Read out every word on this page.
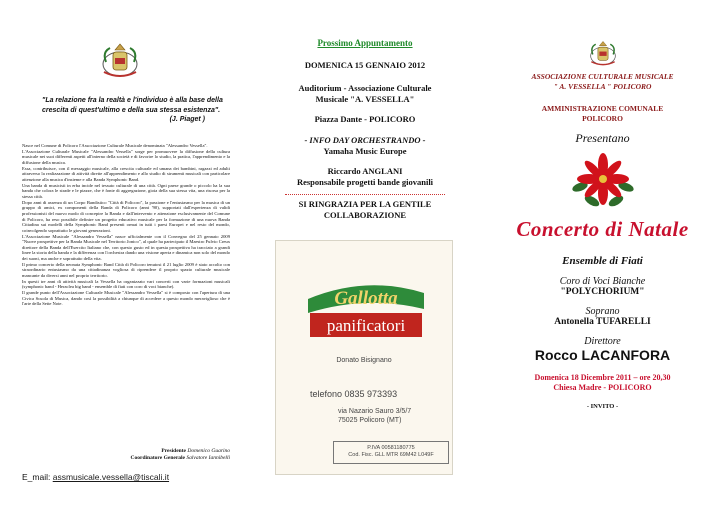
"La relazione fra la realtà e l'individuo è alla base della crescita di quest'ultimo e della sua stessa esistenza".
(J. Piaget )

Nasce nel Comune di Policoro l'Associazione Culturale Musicale denominata "Alessandro Vessella".

L'Associazione Culturale Musicale "Alessandro Vessella" sorge per promuovere la diffusione della cultura musicale nei suoi differenti aspetti all'interno della società e di favorire lo studio, la pratica, l'apprendimento e la diffusione della musica.

Essa, contribuisce, con il messaggio musicale, alla crescita culturale ed umana dei bambini, ragazzi ed adulti attraverso la realizzazione di attività dirette all'apprendimento e allo studio di strumenti musicali con particolare attenzione alla musica d'insieme e alla Banda Symphonic Band.

Una banda di musicisti in erba incide nel tessuto culturale di una città. Ogni paese grande o piccolo ha la sua banda che colora le strade e le piazze, che è fonte di aggregazione, gioia della sua stessa vita, una risorsa per la stessa città.

Dopo anni di assenza di un Corpo Bandistico "Città di Policoro", la passione e l'entusiasmo per la musica di un gruppo di amici, ex componenti della Banda di Policoro (anni '90), supportati dall'esperienza di validi professionisti del nuovo modo di concepire la Banda e dall'intervento e attenzione esclusivamente del Comune di Policoro, ha reso possibile definire un progetto educativo musicale per la formazione di una nuova Banda Cittadina sui modelli della Symphonic Band presenti ormai in tutti i paesi Europei e nel resto del mondo, coinvolgendo soprattutto le giovani generazioni.

L'Associazione Musicale "Alessandro Vessella" nasce ufficialmente con il Convegno del 25 gennaio 2009 "Nuove prospettive per la Banda Musicale nel Territorio Jonico", al quale ha partecipato il Maestro Fulvio Creux direttore della Banda dell'Esercito Italiano che, con questo gusto ed in questa prospettiva ha tracciato a grandi linee la storia della banda e la differenza con l'orchestra dando una visione aperta e dinamica non solo del mondo dei suoni, ma anche e soprattutto della vita.

Il primo concerto della neonata Symphonic Band Città di Policoro tenutosi il 21 luglio 2009 è stato accolto con straordinario entusiasmo da una cittadinanza vogliosa di riprendere il proprio spazio culturale musicale mancante da diversi anni nel proprio territorio.

In questi tre anni di attività musicali la Vessella ha organizzato vari concerti con varie formazioni musicali (symphonic band - Heraclea big band - ensemble di fiati con coro di voci bianche).

Il grande punto dell'Associazione Culturale Musicale "Alessandro Vessella" si è composto con l'apertura di una Civica Scuola di Musica, dando così la possibilità a chiunque di accedere a questo mondo meraviglioso che è l'arte della Sette Note.

Presidente Domenico Guarino
Coordinatore Generale Salvatore Iannibelli
E_mail: assmusicale.vessella@tiscali.it
Prossimo Appuntamento
DOMENICA 15 GENNAIO 2012
Auditorium - Associazione Culturale
Musicale "A. VESSELLA"
Piazza Dante - POLICORO
- INFO DAY ORCHESTRANDO -
Yamaha Music Europe
Riccardo ANGLANI
Responsabile progetti bande giovanili
SI RINGRAZIA PER LA GENTILE
COLLABORAZIONE
Gallotta
panificatori
Donato Bisignano
telefono 0835 973393
via Nazario Sauro 3/5/7
75025 Policoro (MT)
P.IVA 00581180775
Cod. Fisc. GLL MTR 69M42 L049F
ASSOCIAZIONE CULTURALE MUSICALE
" A. VESSELLA " POLICORO
AMMINISTRAZIONE COMUNALE
POLICORO
Presentano
Concerto di Natale
Ensemble di Fiati
Coro di Voci Bianche
"POLYCHORIUM"
Soprano
Antonella TUFARELLI
Direttore
Rocco LACANFORA
Domenica 18 Dicembre 2011 – ore 20,30
Chiesa Madre - POLICORO
- INVITO -
